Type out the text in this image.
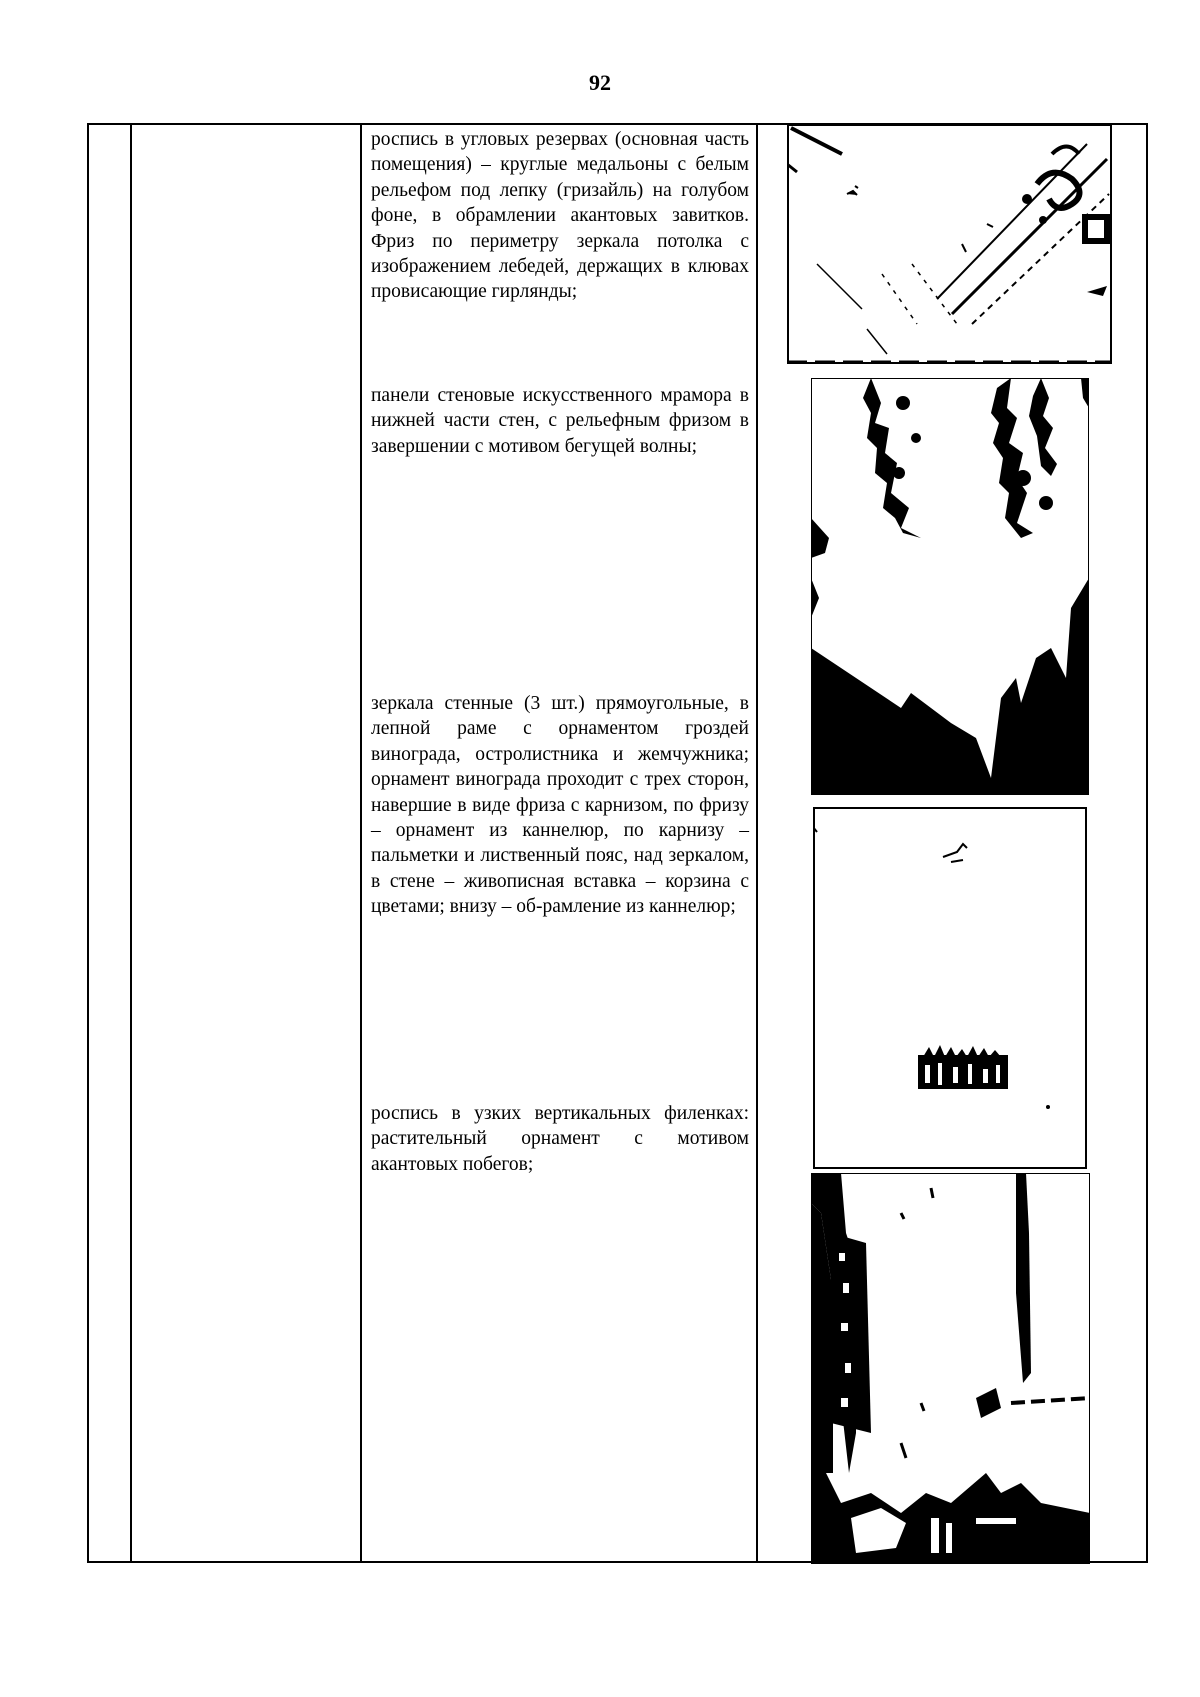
92
роспись в угловых резервах (основная часть помещения) – круглые медальоны с белым рельефом под лепку (гризайль) на голубом фоне, в обрамлении акантовых завитков. Фриз по периметру зеркала потолка с изображением лебедей, держащих в клювах провисающие гирлянды;
панели стеновые искусственного мрамора в нижней части стен, с рельефным фризом в завершении с мотивом бегущей волны;
зеркала стенные (3 шт.) прямоугольные, в лепной раме с орнаментом гроздей винограда, остролистника и жемчужника; орнамент винограда проходит с трех сторон, навершие в виде фриза с карнизом, по фризу – орнамент из каннелюр, по карнизу – пальметки и лиственный пояс, над зеркалом, в стене – живописная вставка – корзина с цветами; внизу – об-рамление из каннелюр;
роспись в узких вертикальных филенках: растительный орнамент с мотивом акантовых побегов;
